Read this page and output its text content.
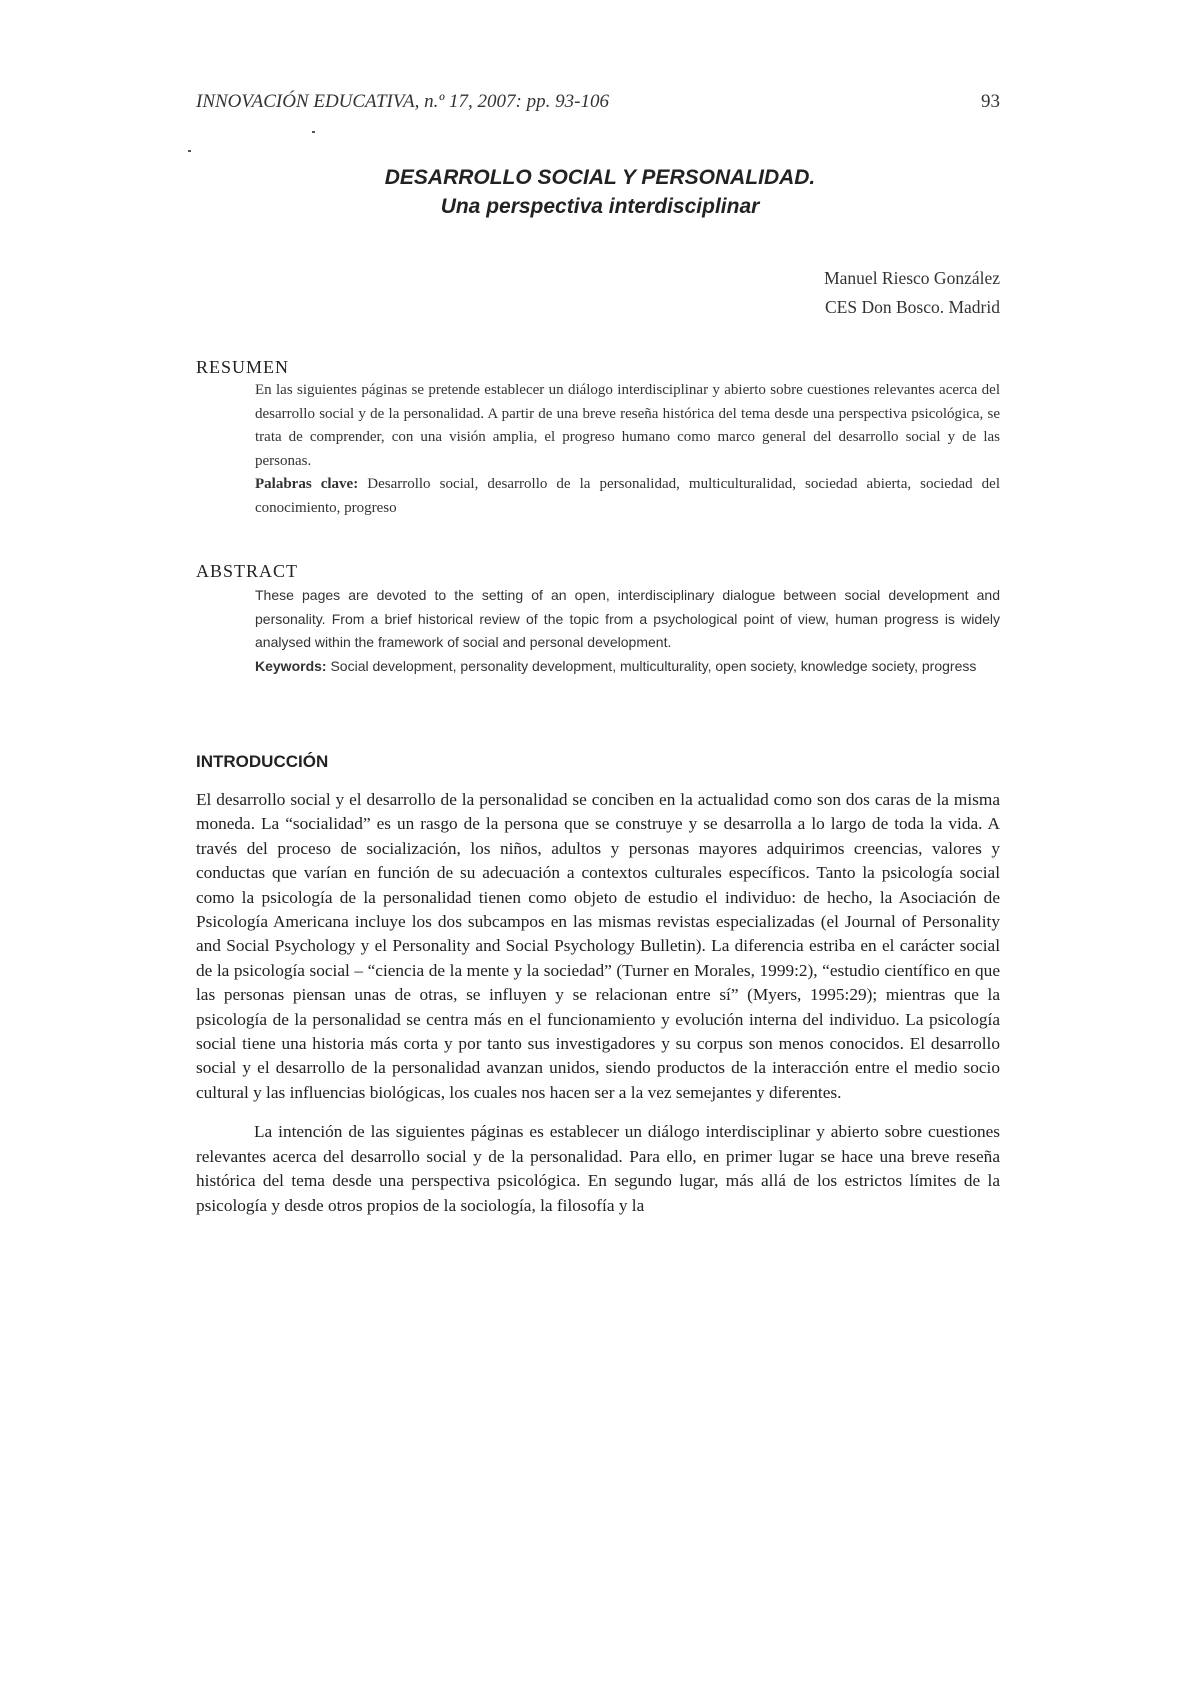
INNOVACIÓN EDUCATIVA, n.º 17, 2007: pp. 93-106	93
DESARROLLO SOCIAL Y PERSONALIDAD.
Una perspectiva interdisciplinar
Manuel Riesco González
CES Don Bosco. Madrid
RESUMEN

En las siguientes páginas se pretende establecer un diálogo interdisciplinar y abierto sobre cuestiones relevantes acerca del desarrollo social y de la personalidad. A partir de una breve reseña histórica del tema desde una perspectiva psicológica, se trata de comprender, con una visión amplia, el progreso humano como marco general del desarrollo social y de las personas.

Palabras clave: Desarrollo social, desarrollo de la personalidad, multiculturalidad, sociedad abierta, sociedad del conocimiento, progreso

ABSTRACT

These pages are devoted to the setting of an open, interdisciplinary dialogue between social development and personality. From a brief historical review of the topic from a psychological point of view, human progress is widely analysed within the framework of social and personal development.

Keywords: Social development, personality development, multiculturality, open society, knowledge society, progress

INTRODUCCIÓN

El desarrollo social y el desarrollo de la personalidad se conciben en la actualidad como son dos caras de la misma moneda. La “socialidad” es un rasgo de la persona que se construye y se desarrolla a lo largo de toda la vida. A través del proceso de socialización, los niños, adultos y personas mayores adquirimos creencias, valores y conductas que varían en función de su adecuación a contextos culturales específicos. Tanto la psicología social como la psicología de la personalidad tienen como objeto de estudio el individuo: de hecho, la Asociación de Psicología Americana incluye los dos subcampos en las mismas revistas especializadas (el Journal of Personality and Social Psychology y el Personality and Social Psychology Bulletin). La diferencia estriba en el carácter social de la psicología social – “ciencia de la mente y la sociedad” (Turner en Morales, 1999:2), “estudio científico en que las personas piensan unas de otras, se influyen y se relacionan entre sí” (Myers, 1995:29); mientras que la psicología de la personalidad se centra más en el funcionamiento y evolución interna del individuo. La psicología social tiene una historia más corta y por tanto sus investigadores y su corpus son menos conocidos. El desarrollo social y el desarrollo de la personalidad avanzan unidos, siendo productos de la interacción entre el medio socio cultural y las influencias biológicas, los cuales nos hacen ser a la vez semejantes y diferentes.

La intención de las siguientes páginas es establecer un diálogo interdisciplinar y abierto sobre cuestiones relevantes acerca del desarrollo social y de la personalidad. Para ello, en primer lugar se hace una breve reseña histórica del tema desde una perspectiva psicológica. En segundo lugar, más allá de los estrictos límites de la psicología y desde otros propios de la sociología, la filosofía y la
